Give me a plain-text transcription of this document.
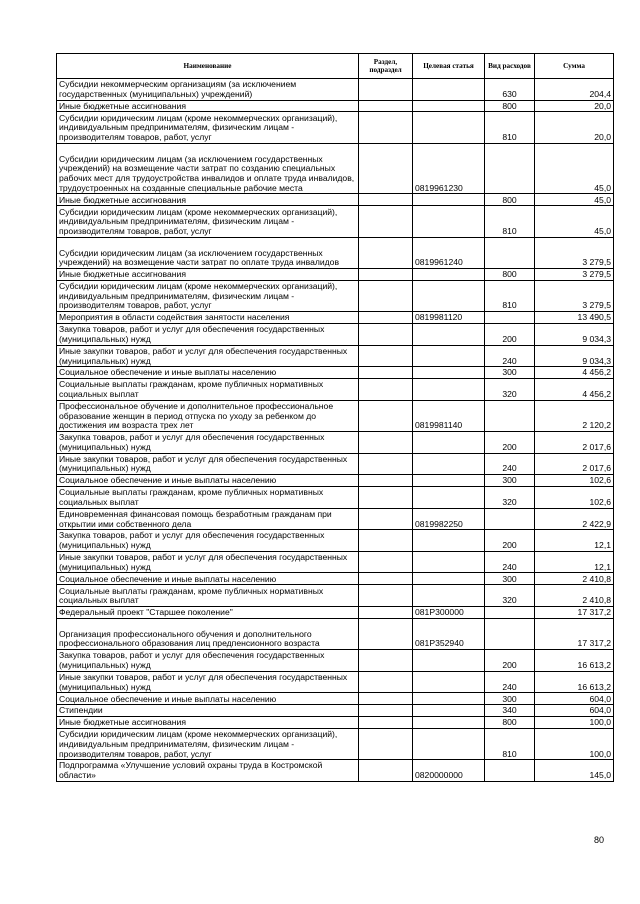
Наименование	Раздел, подраздел	Целевая статья	Вид расходов	Сумма
Субсидии некоммерческим организациям (за исключением государственных (муниципальных) учреждений)			630	204,4
Иные бюджетные ассигнования			800	20,0
Субсидии юридическим лицам (кроме некоммерческих организаций), индивидуальным предпринимателям, физическим лицам - производителям товаров, работ, услуг			810	20,0
Субсидии юридическим лицам (за исключением государственных учреждений) на возмещение части затрат по созданию специальных рабочих мест для трудоустройства инвалидов и оплате труда инвалидов, трудоустроенных на созданные специальные рабочие места		0819961230		45,0
Иные бюджетные ассигнования			800	45,0
Субсидии юридическим лицам (кроме некоммерческих организаций), индивидуальным предпринимателям, физическим лицам - производителям товаров, работ, услуг			810	45,0
Субсидии юридическим лицам (за исключением государственных учреждений) на возмещение части затрат по оплате труда инвалидов		0819961240		3 279,5
Иные бюджетные ассигнования			800	3 279,5
Субсидии юридическим лицам (кроме некоммерческих организаций), индивидуальным предпринимателям, физическим лицам - производителям товаров, работ, услуг			810	3 279,5
Мероприятия в области содействия занятости населения		0819981120		13 490,5
Закупка товаров, работ и услуг для обеспечения государственных (муниципальных) нужд			200	9 034,3
Иные закупки товаров, работ и услуг для обеспечения государственных (муниципальных) нужд			240	9 034,3
Социальное обеспечение и иные выплаты населению			300	4 456,2
Социальные выплаты гражданам, кроме публичных нормативных социальных выплат			320	4 456,2
Профессиональное обучение и дополнительное профессиональное образование женщин в период отпуска по уходу за ребенком до достижения им возраста трех лет		0819981140		2 120,2
Закупка товаров, работ и услуг для обеспечения государственных (муниципальных) нужд			200	2 017,6
Иные закупки товаров, работ и услуг для обеспечения государственных (муниципальных) нужд			240	2 017,6
Социальное обеспечение и иные выплаты населению			300	102,6
Социальные выплаты гражданам, кроме публичных нормативных социальных выплат			320	102,6
Единовременная финансовая помощь безработным гражданам при открытии ими собственного дела		0819982250		2 422,9
Закупка товаров, работ и услуг для обеспечения государственных (муниципальных) нужд			200	12,1
Иные закупки товаров, работ и услуг для обеспечения государственных (муниципальных) нужд			240	12,1
Социальное обеспечение и иные выплаты населению			300	2 410,8
Социальные выплаты гражданам, кроме публичных нормативных социальных выплат			320	2 410,8
Федеральный проект "Старшее поколение"		081P300000		17 317,2
Организация профессионального обучения и дополнительного профессионального образования лиц предпенсионного возраста		081P352940		17 317,2
Закупка товаров, работ и услуг для обеспечения государственных (муниципальных) нужд			200	16 613,2
Иные закупки товаров, работ и услуг для обеспечения государственных (муниципальных) нужд			240	16 613,2
Социальное обеспечение и иные выплаты населению			300	604,0
Стипендии			340	604,0
Иные бюджетные ассигнования			800	100,0
Субсидии юридическим лицам (кроме некоммерческих организаций), индивидуальным предпринимателям, физическим лицам - производителям товаров, работ, услуг			810	100,0
Подпрограмма «Улучшение условий охраны труда в Костромской области»		0820000000		145,0
80
